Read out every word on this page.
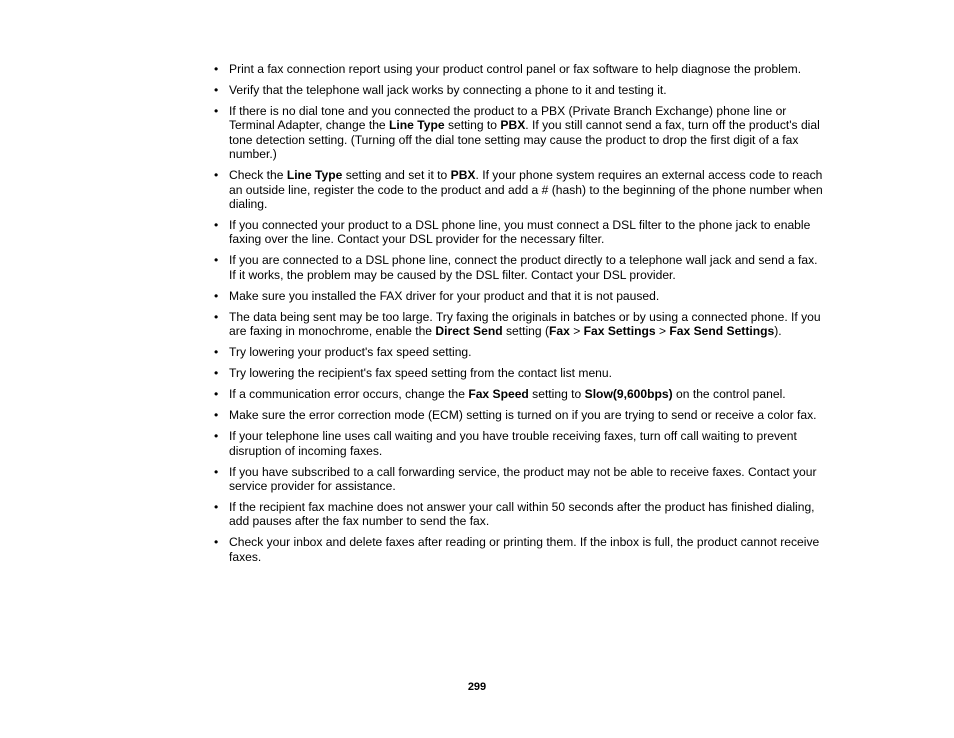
• Print a fax connection report using your product control panel or fax software to help diagnose the problem.
• Verify that the telephone wall jack works by connecting a phone to it and testing it.
• If there is no dial tone and you connected the product to a PBX (Private Branch Exchange) phone line or Terminal Adapter, change the Line Type setting to PBX. If you still cannot send a fax, turn off the product's dial tone detection setting. (Turning off the dial tone setting may cause the product to drop the first digit of a fax number.)
• Check the Line Type setting and set it to PBX. If your phone system requires an external access code to reach an outside line, register the code to the product and add a # (hash) to the beginning of the phone number when dialing.
• If you connected your product to a DSL phone line, you must connect a DSL filter to the phone jack to enable faxing over the line. Contact your DSL provider for the necessary filter.
• If you are connected to a DSL phone line, connect the product directly to a telephone wall jack and send a fax. If it works, the problem may be caused by the DSL filter. Contact your DSL provider.
• Make sure you installed the FAX driver for your product and that it is not paused.
• The data being sent may be too large. Try faxing the originals in batches or by using a connected phone. If you are faxing in monochrome, enable the Direct Send setting (Fax > Fax Settings > Fax Send Settings).
• Try lowering your product's fax speed setting.
• Try lowering the recipient's fax speed setting from the contact list menu.
• If a communication error occurs, change the Fax Speed setting to Slow(9,600bps) on the control panel.
• Make sure the error correction mode (ECM) setting is turned on if you are trying to send or receive a color fax.
• If your telephone line uses call waiting and you have trouble receiving faxes, turn off call waiting to prevent disruption of incoming faxes.
• If you have subscribed to a call forwarding service, the product may not be able to receive faxes. Contact your service provider for assistance.
• If the recipient fax machine does not answer your call within 50 seconds after the product has finished dialing, add pauses after the fax number to send the fax.
• Check your inbox and delete faxes after reading or printing them. If the inbox is full, the product cannot receive faxes.
299
